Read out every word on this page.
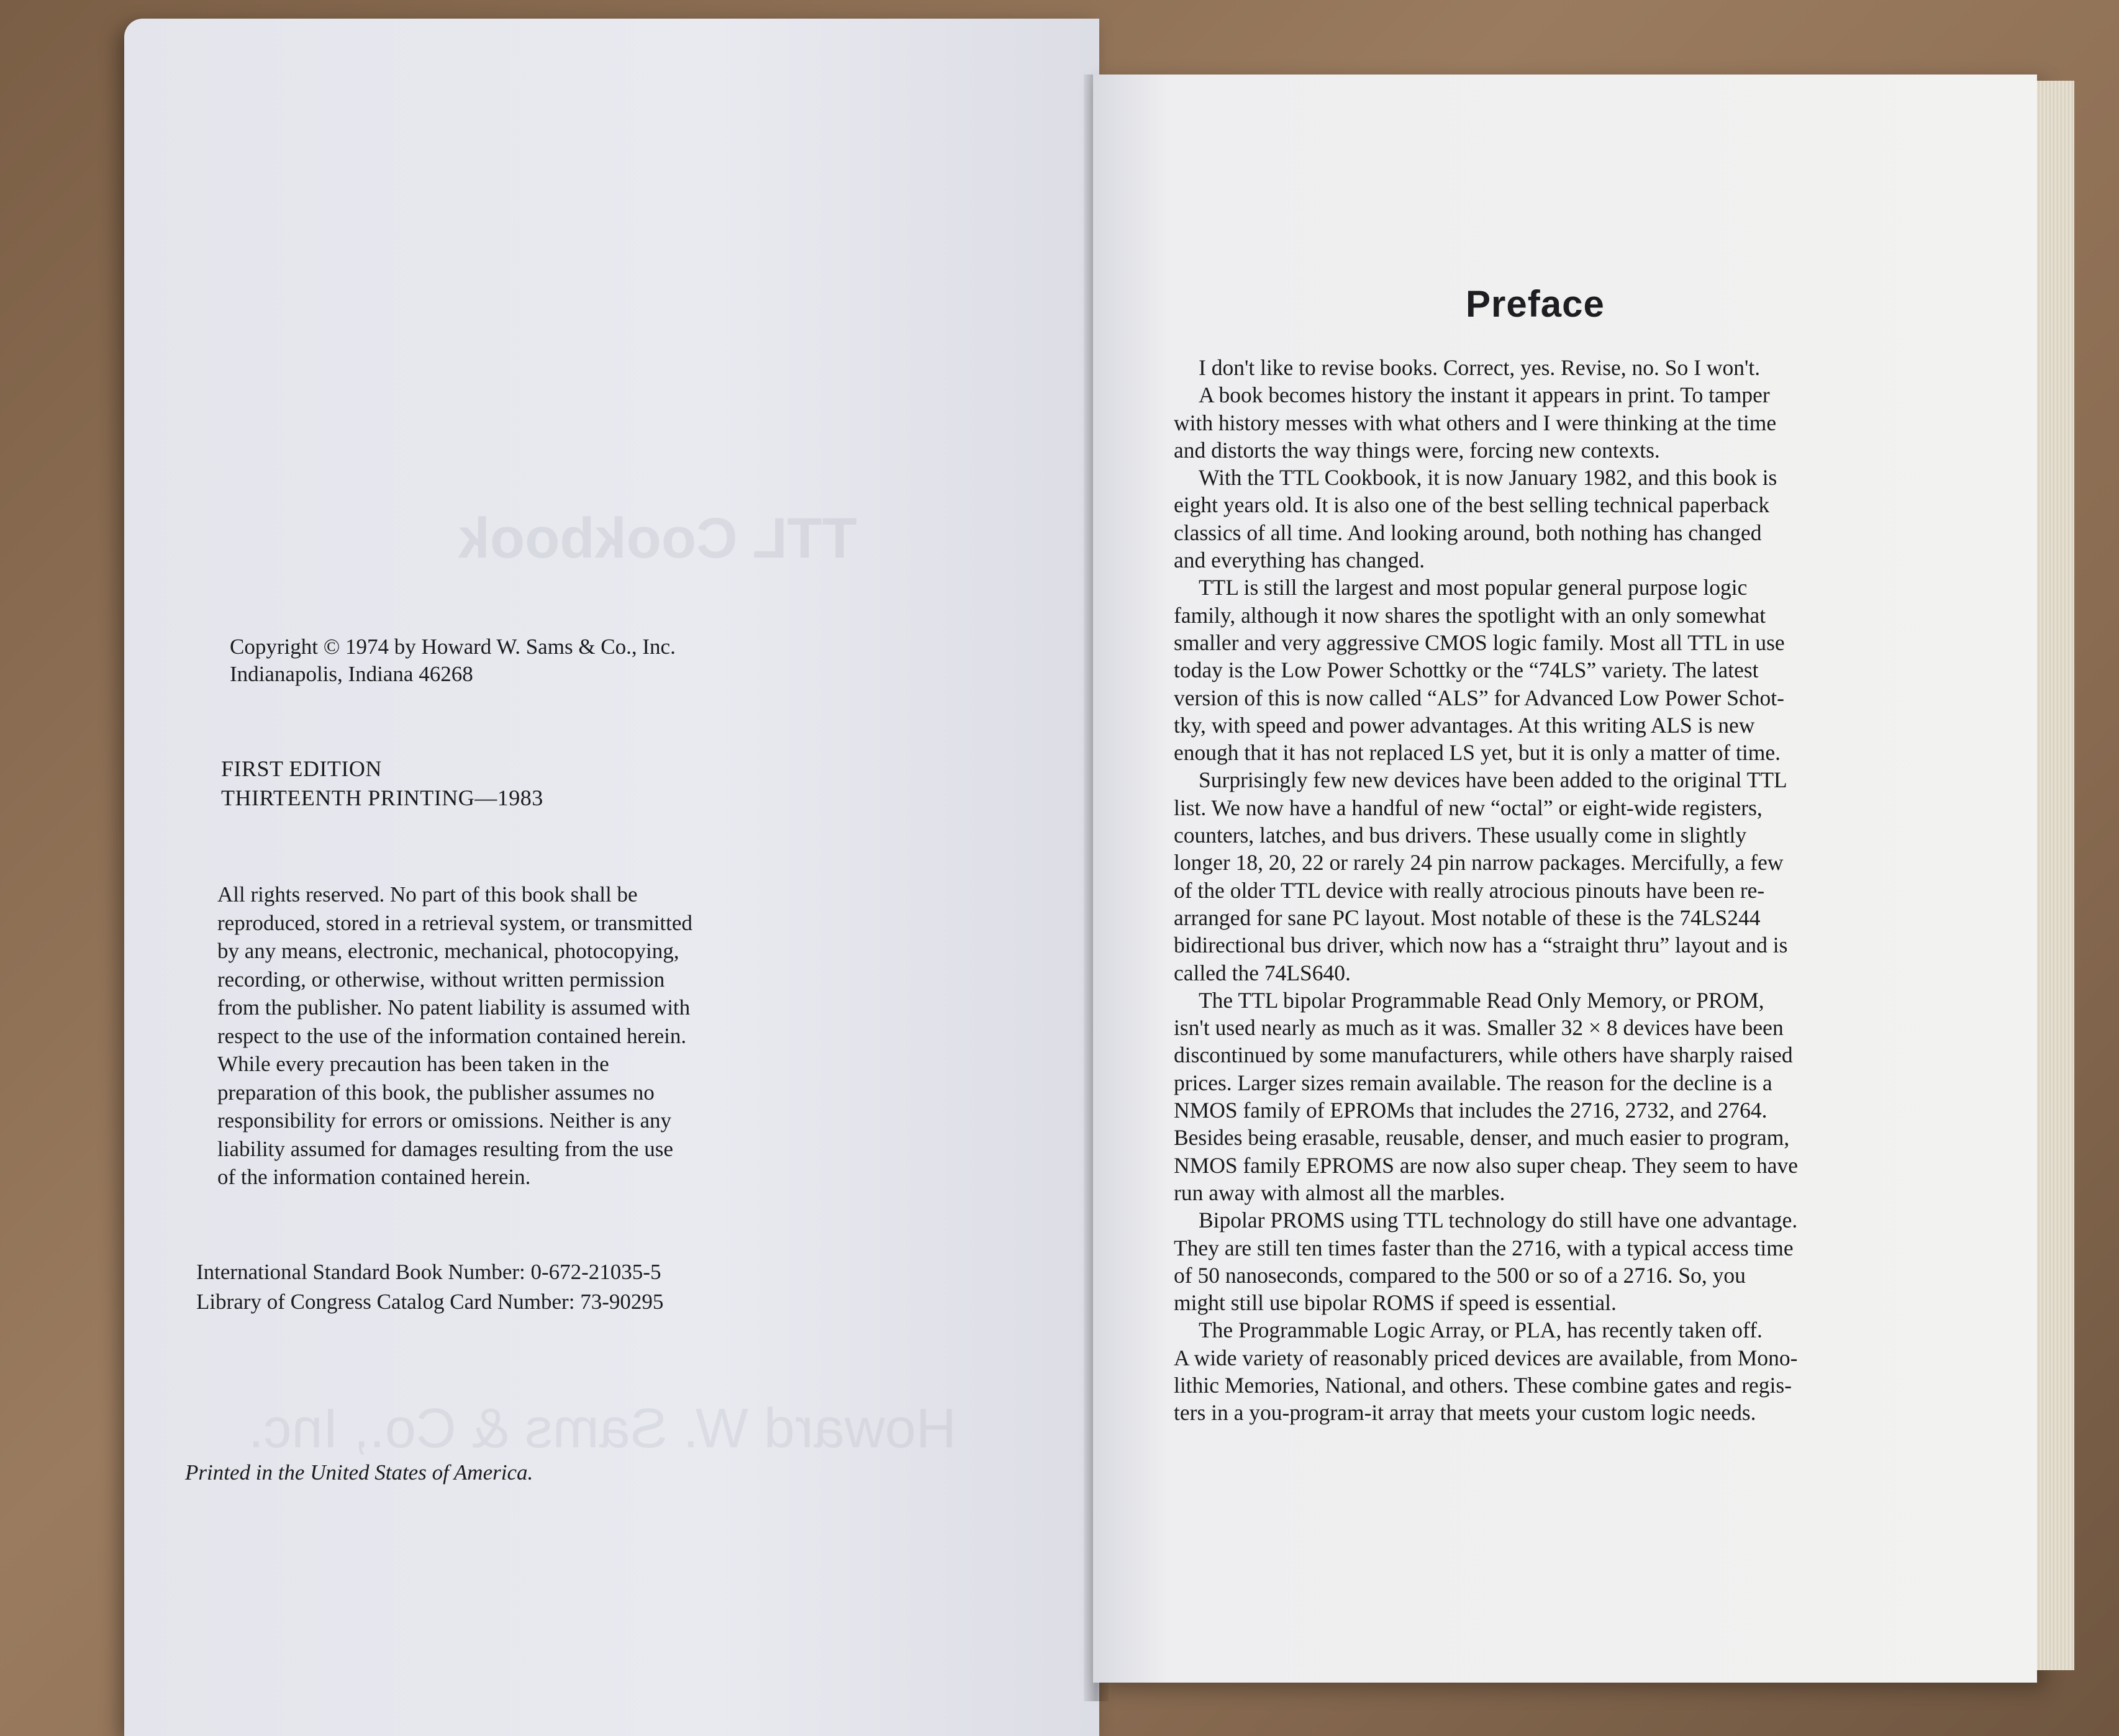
TTL Cookbook
Howard W. Sams & Co., Inc.
Copyright © 1974 by Howard W. Sams & Co., Inc.
Indianapolis, Indiana 46268
FIRST EDITION
THIRTEENTH PRINTING—1983
All rights reserved. No part of this book shall be
reproduced, stored in a retrieval system, or transmitted
by any means, electronic, mechanical, photocopying,
recording, or otherwise, without written permission
from the publisher. No patent liability is assumed with
respect to the use of the information contained herein.
While every precaution has been taken in the
preparation of this book, the publisher assumes no
responsibility for errors or omissions. Neither is any
liability assumed for damages resulting from the use
of the information contained herein.
International Standard Book Number: 0-672-21035-5
Library of Congress Catalog Card Number: 73-90295
Printed in the United States of America.
Preface

I don't like to revise books. Correct, yes. Revise, no. So I won't.

A book becomes history the instant it appears in print. To tamper
with history messes with what others and I were thinking at the time
and distorts the way things were, forcing new contexts.

With the TTL Cookbook, it is now January 1982, and this book is
eight years old. It is also one of the best selling technical paperback
classics of all time. And looking around, both nothing has changed
and everything has changed.

TTL is still the largest and most popular general purpose logic
family, although it now shares the spotlight with an only somewhat
smaller and very aggressive CMOS logic family. Most all TTL in use
today is the Low Power Schottky or the “74LS” variety. The latest
version of this is now called “ALS” for Advanced Low Power Schot-
tky, with speed and power advantages. At this writing ALS is new
enough that it has not replaced LS yet, but it is only a matter of time.

Surprisingly few new devices have been added to the original TTL
list. We now have a handful of new “octal” or eight-wide registers,
counters, latches, and bus drivers. These usually come in slightly
longer 18, 20, 22 or rarely 24 pin narrow packages. Mercifully, a few
of the older TTL device with really atrocious pinouts have been re-
arranged for sane PC layout. Most notable of these is the 74LS244
bidirectional bus driver, which now has a “straight thru” layout and is
called the 74LS640.

The TTL bipolar Programmable Read Only Memory, or PROM,
isn't used nearly as much as it was. Smaller 32 × 8 devices have been
discontinued by some manufacturers, while others have sharply raised
prices. Larger sizes remain available. The reason for the decline is a
NMOS family of EPROMs that includes the 2716, 2732, and 2764.
Besides being erasable, reusable, denser, and much easier to program,
NMOS family EPROMS are now also super cheap. They seem to have
run away with almost all the marbles.

Bipolar PROMS using TTL technology do still have one advantage.
They are still ten times faster than the 2716, with a typical access time
of 50 nanoseconds, compared to the 500 or so of a 2716. So, you
might still use bipolar ROMS if speed is essential.

The Programmable Logic Array, or PLA, has recently taken off.
A wide variety of reasonably priced devices are available, from Mono-
lithic Memories, National, and others. These combine gates and regis-
ters in a you-program-it array that meets your custom logic needs.
